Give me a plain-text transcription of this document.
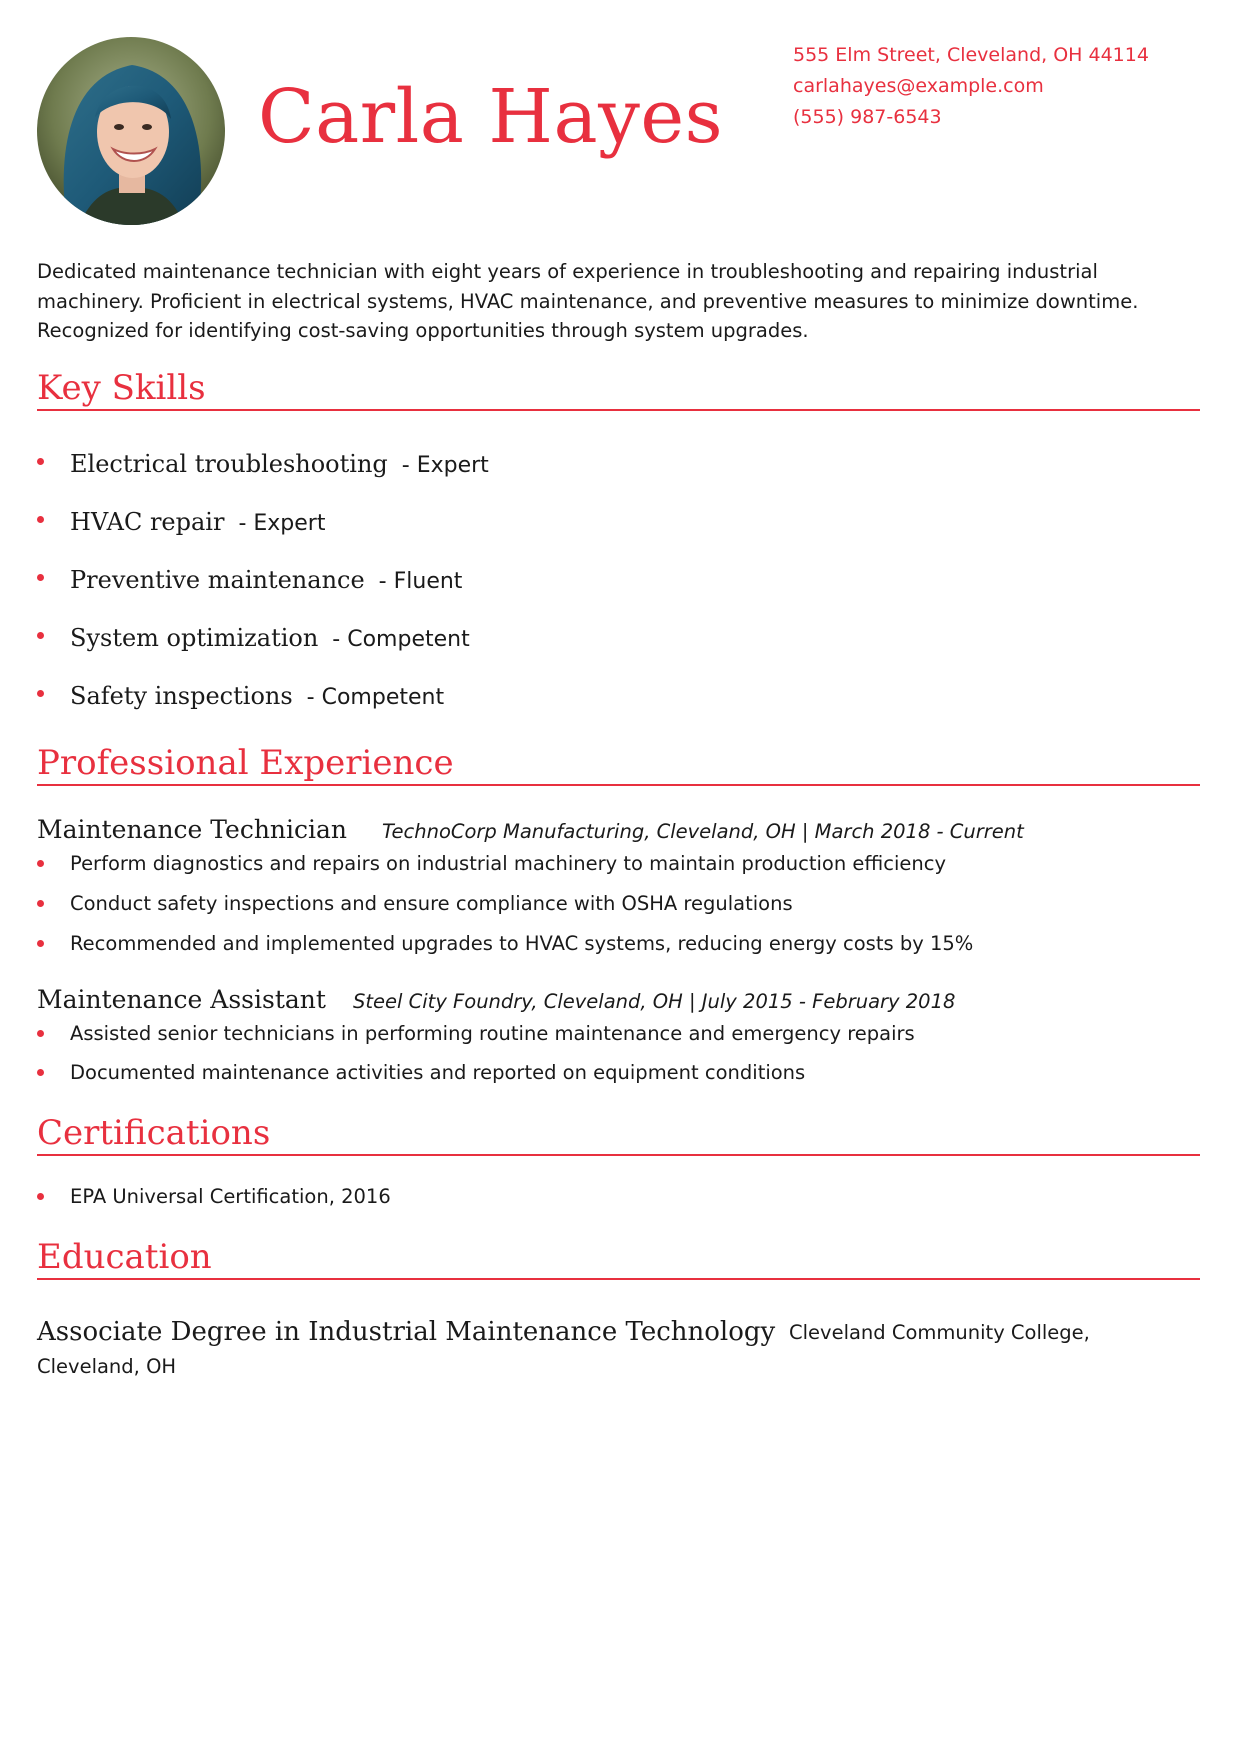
Carla Hayes
555 Elm Street, Cleveland, OH 44114
carlahayes@example.com
(555) 987-6543
Dedicated maintenance technician with eight years of experience in troubleshooting and repairing industrial machinery. Proficient in electrical systems, HVAC maintenance, and preventive measures to minimize downtime. Recognized for identifying cost-saving opportunities through system upgrades.
Key Skills
Electrical troubleshooting - Expert
HVAC repair - Expert
Preventive maintenance - Fluent
System optimization - Competent
Safety inspections - Competent
Professional Experience
Maintenance Technician TechnoCorp Manufacturing, Cleveland, OH | March 2018 - Current
Perform diagnostics and repairs on industrial machinery to maintain production efficiency
Conduct safety inspections and ensure compliance with OSHA regulations
Recommended and implemented upgrades to HVAC systems, reducing energy costs by 15%
Maintenance Assistant Steel City Foundry, Cleveland, OH | July 2015 - February 2018
Assisted senior technicians in performing routine maintenance and emergency repairs
Documented maintenance activities and reported on equipment conditions
Certifications
EPA Universal Certification, 2016
Education
Associate Degree in Industrial Maintenance Technology Cleveland Community College,
Cleveland, OH
